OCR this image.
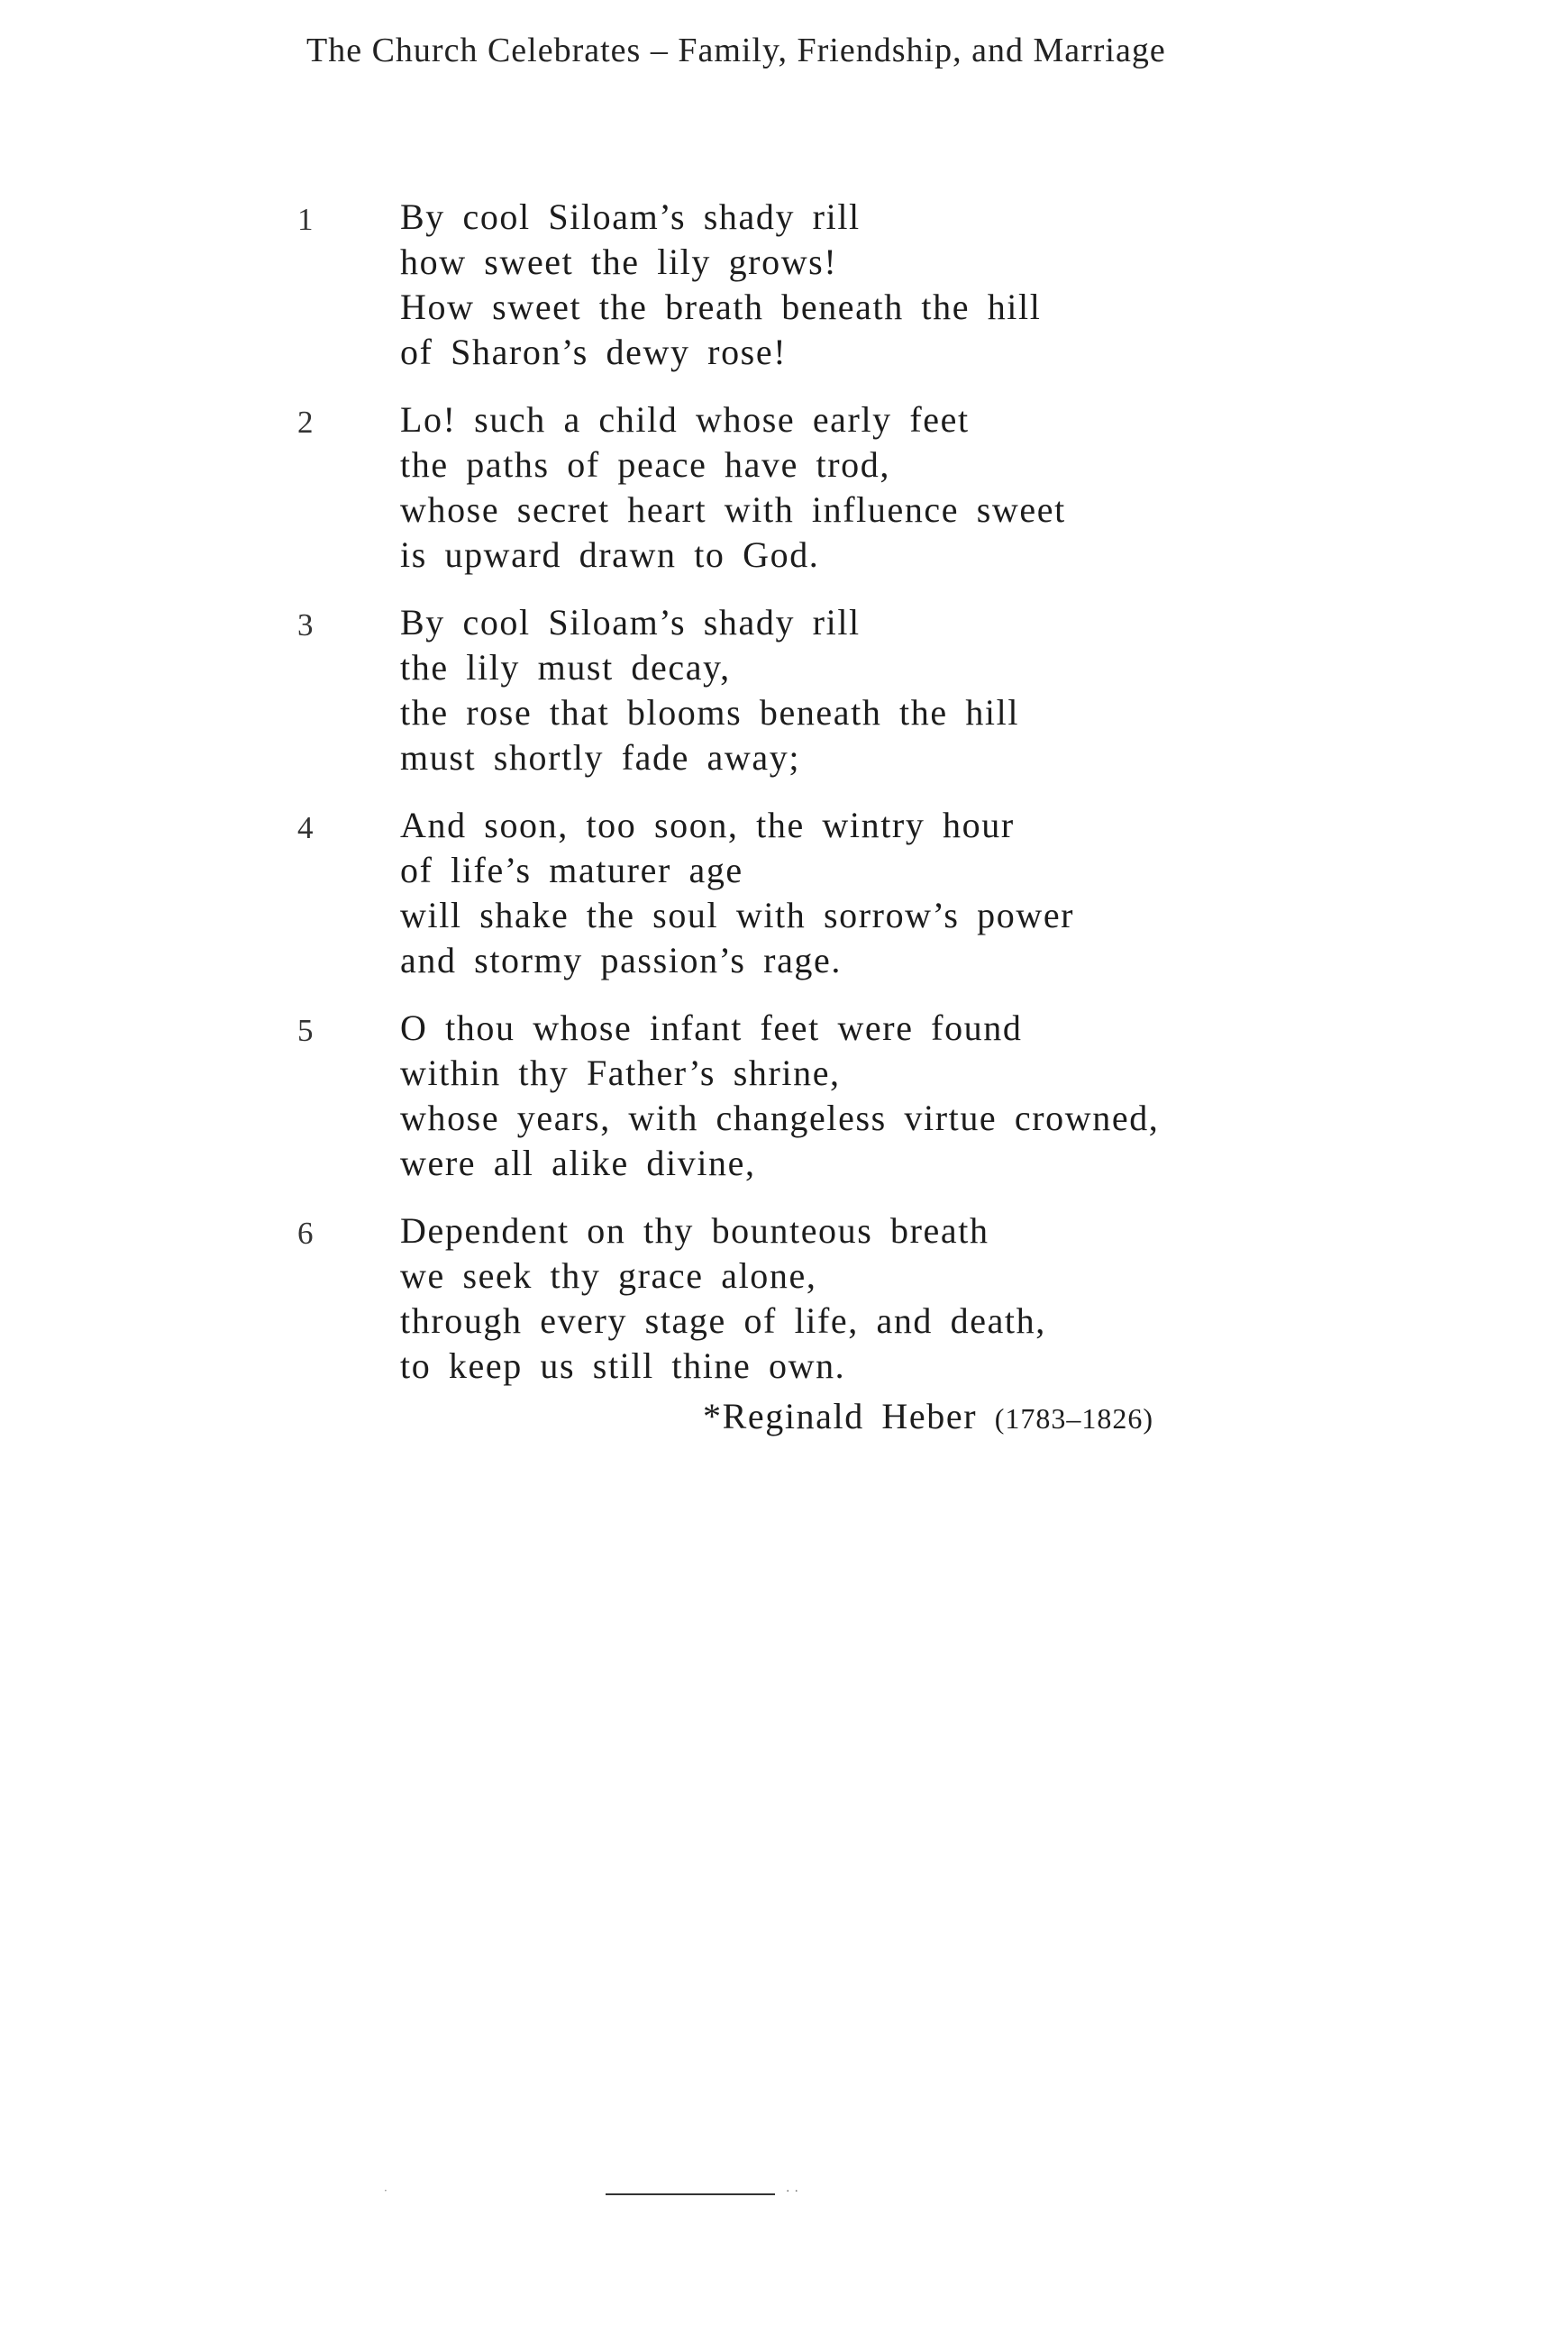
The Church Celebrates – Family, Friendship, and Marriage
1	By cool Siloam’s shady rill
how sweet the lily grows!
How sweet the breath beneath the hill
of Sharon’s dewy rose!
2	Lo! such a child whose early feet
the paths of peace have trod,
whose secret heart with influence sweet
is upward drawn to God.
3	By cool Siloam’s shady rill
the lily must decay,
the rose that blooms beneath the hill
must shortly fade away;
4	And soon, too soon, the wintry hour
of life’s maturer age
will shake the soul with sorrow’s power
and stormy passion’s rage.
5	O thou whose infant feet were found
within thy Father’s shrine,
whose years, with changeless virtue crowned,
were all alike divine,
6	Dependent on thy bounteous breath
we seek thy grace alone,
through every stage of life, and death,
to keep us still thine own.
*Reginald Heber (1783–1826)
·	··
